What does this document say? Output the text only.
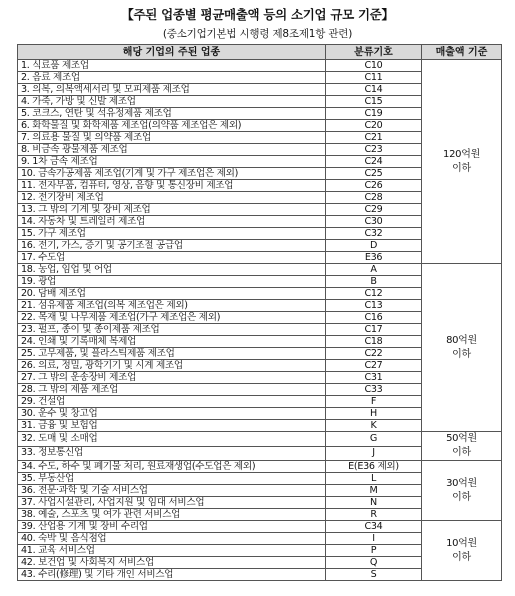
【주된 업종별 평균매출액 등의 소기업 규모 기준】
(중소기업기본법 시행령 제8조제1항 관련)
해당 기업의 주된 업종	분류기호	매출액 기준
1. 식료품 제조업	C10	120억원
이하

2. 음료 제조업	C11	
3. 의복, 의복액세서리 및 모피제품 제조업	C14	
4. 가죽, 가방 및 신발 제조업	C15	
5. 코크스, 연탄 및 석유정제품 제조업	C19	
6. 화학물질 및 화학제품 제조업(의약품 제조업은 제외)	C20	
7. 의료용 물질 및 의약품 제조업	C21	
8. 비금속 광물제품 제조업	C23	
9. 1차 금속 제조업	C24	
10. 금속가공제품 제조업(기계 및 가구 제조업은 제외)	C25	
11. 전자부품, 컴퓨터, 영상, 음향 및 통신장비 제조업	C26	
12. 전기장비 제조업	C28	
13. 그 밖의 기계 및 장비 제조업	C29	
14. 자동차 및 트레일러 제조업	C30	
15. 가구 제조업	C32	
16. 전기, 가스, 증기 및 공기조절 공급업	D	
17. 수도업	E36	
18. 농업, 임업 및 어업	A	80억원
이하

19. 광업	B	
20. 담배 제조업	C12	
21. 섬유제품 제조업(의복 제조업은 제외)	C13	
22. 목재 및 나무제품 제조업(가구 제조업은 제외)	C16	
23. 펄프, 종이 및 종이제품 제조업	C17	
24. 인쇄 및 기록매체 복제업	C18	
25. 고무제품, 및 플라스틱제품 제조업	C22	
26. 의료, 정밀, 광학기기 및 시계 제조업	C27	
27. 그 밖의 운송장비 제조업	C31	
28. 그 밖의 제품 제조업	C33	
29. 건설업	F	
30. 운수 및 창고업	H	
31. 금융 및 보험업	K	
32. 도매 및 소매업	G	50억원
이하

33. 정보통신업	J	
34. 수도, 하수 및 폐기물 처리, 원료재생업(수도업은 제외)	E(E36 제외)	30억원
이하

35. 부동산업	L	
36. 전문·과학 및 기술 서비스업	M	
37. 사업시설관리, 사업지원 및 임대 서비스업	N	
38. 예술, 스포츠 및 여가 관련 서비스업	R	
39. 산업용 기계 및 장비 수리업	C34	10억원
이하

40. 숙박 및 음식점업	I	
41. 교육 서비스업	P	
42. 보건업 및 사회복지 서비스업	Q	
43. 수리(修理) 및 기타 개인 서비스업	S	
